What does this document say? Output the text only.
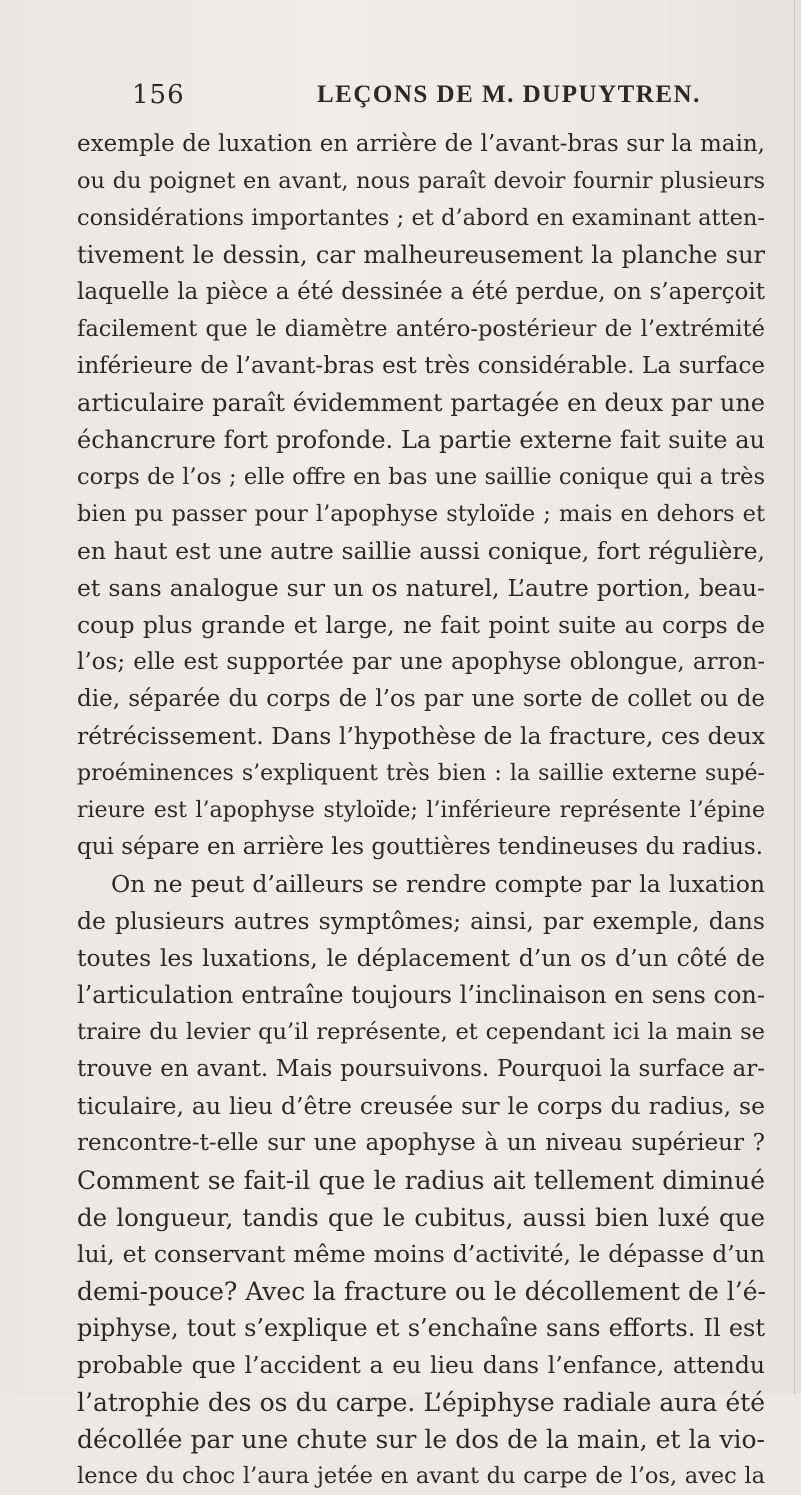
156	LEÇONS DE M. DUPUYTREN.
exemple de luxation en arrière de l’avant-bras sur la main,
ou du poignet en avant, nous paraît devoir fournir plusieurs
considérations importantes ; et d’abord en examinant atten-
tivement le dessin, car malheureusement la planche sur
laquelle la pièce a été dessinée a été perdue, on s’aperçoit
facilement que le diamètre antéro-postérieur de l’extrémité
inférieure de l’avant-bras est très considérable. La surface
articulaire paraît évidemment partagée en deux par une
échancrure fort profonde. La partie externe fait suite au
corps de l’os ; elle offre en bas une saillie conique qui a très
bien pu passer pour l’apophyse styloïde ; mais en dehors et
en haut est une autre saillie aussi conique, fort régulière,
et sans analogue sur un os naturel, L’autre portion, beau-
coup plus grande et large, ne fait point suite au corps de
l’os; elle est supportée par une apophyse oblongue, arron-
die, séparée du corps de l’os par une sorte de collet ou de
rétrécissement. Dans l’hypothèse de la fracture, ces deux
proéminences s’expliquent très bien : la saillie externe supé-
rieure est l’apophyse styloïde; l’inférieure représente l’épine
qui sépare en arrière les gouttières tendineuses du radius.
On ne peut d’ailleurs se rendre compte par la luxation
de plusieurs autres symptômes; ainsi, par exemple, dans
toutes les luxations, le déplacement d’un os d’un côté de
l’articulation entraîne toujours l’inclinaison en sens con-
traire du levier qu’il représente, et cependant ici la main se
trouve en avant. Mais poursuivons. Pourquoi la surface ar-
ticulaire, au lieu d’être creusée sur le corps du radius, se
rencontre-t-elle sur une apophyse à un niveau supérieur ?
Comment se fait-il que le radius ait tellement diminué
de longueur, tandis que le cubitus, aussi bien luxé que
lui, et conservant même moins d’activité, le dépasse d’un
demi-pouce? Avec la fracture ou le décollement de l’é-
piphyse, tout s’explique et s’enchaîne sans efforts. Il est
probable que l’accident a eu lieu dans l’enfance, attendu
l’atrophie des os du carpe. L’épiphyse radiale aura été
décollée par une chute sur le dos de la main, et la vio-
lence du choc l’aura jetée en avant du carpe de l’os, avec la
